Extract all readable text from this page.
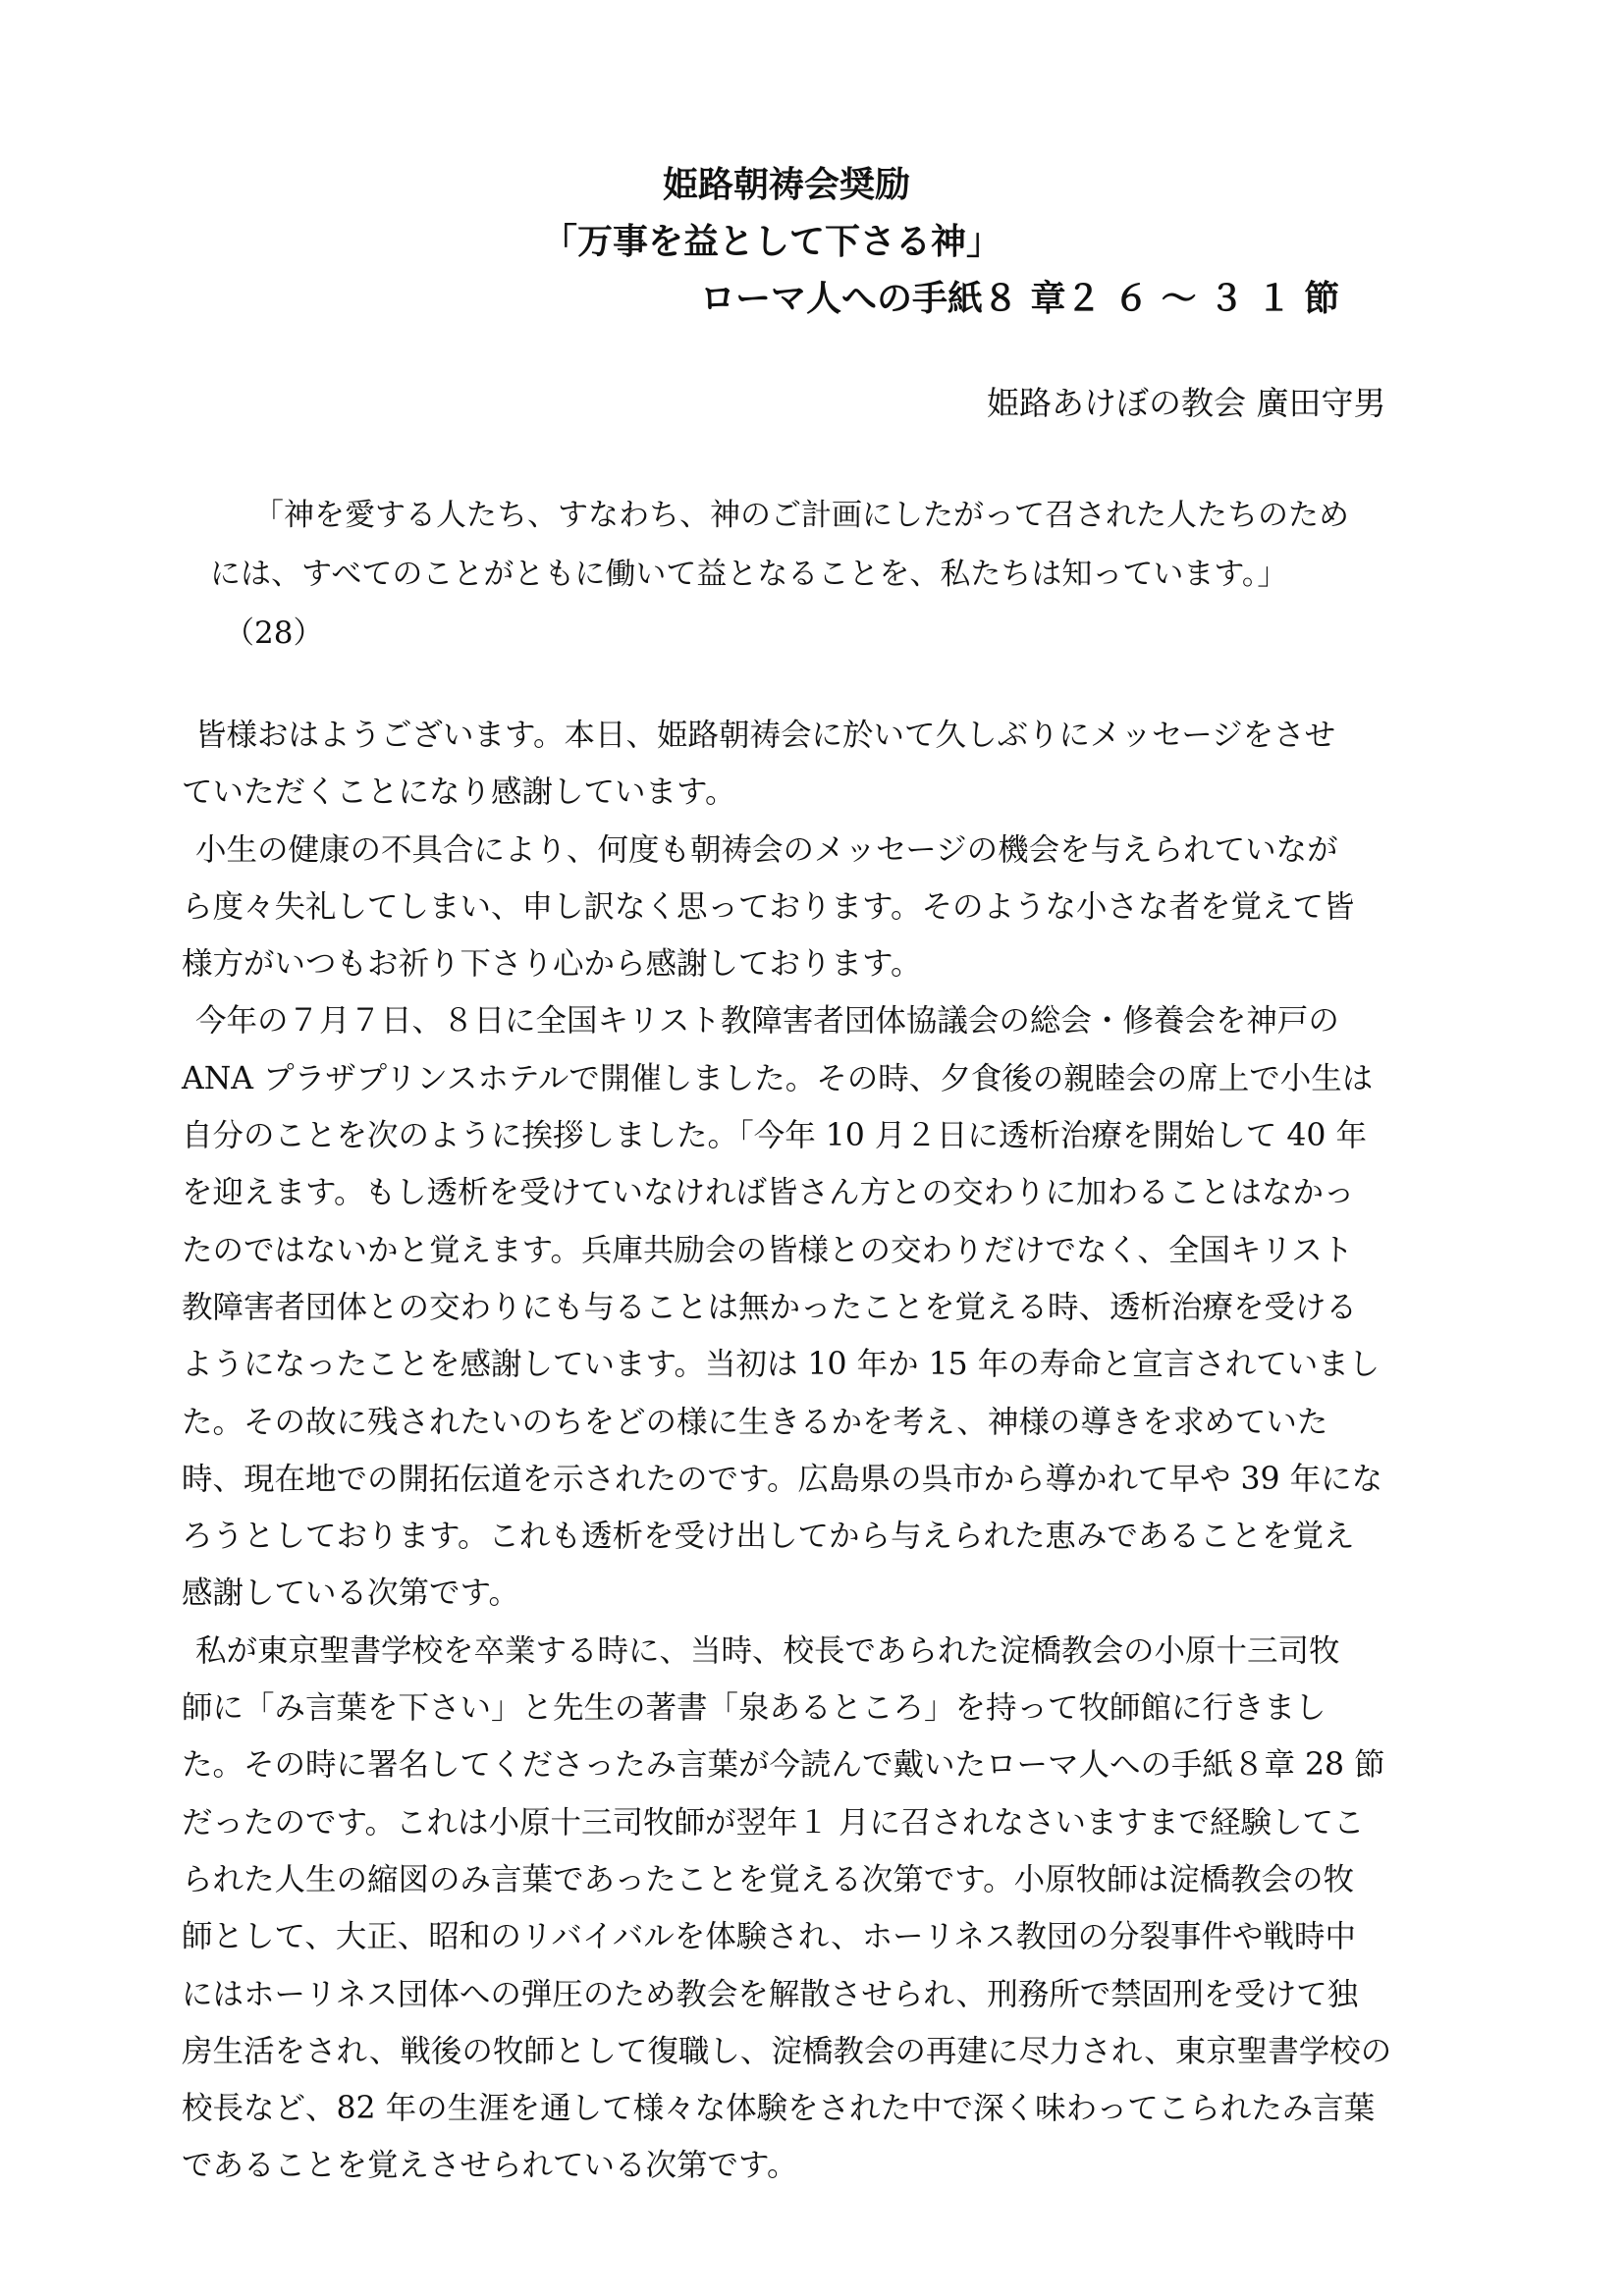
姫路朝祷会奨励
「万事を益として下さる神」
ローマ人への手紙８ 章２ ６ ～ ３ １ 節
姫路あけぼの教会 廣田守男
「神を愛する人たち、すなわち、神のご計画にしたがって召された人たちのため
には、すべてのことがともに働いて益となることを、私たちは知っています。」
（28）
皆様おはようございます。本日、姫路朝祷会に於いて久しぶりにメッセージをさせ
ていただくことになり感謝しています。
小生の健康の不具合により、何度も朝祷会のメッセージの機会を与えられていなが
ら度々失礼してしまい、申し訳なく思っております。そのような小さな者を覚えて皆
様方がいつもお祈り下さり心から感謝しております。
今年の７月７日、８日に全国キリスト教障害者団体協議会の総会・修養会を神戸の
ANA プラザプリンスホテルで開催しました。その時、夕食後の親睦会の席上で小生は
自分のことを次のように挨拶しました。「今年 10 月２日に透析治療を開始して 40 年
を迎えます。もし透析を受けていなければ皆さん方との交わりに加わることはなかっ
たのではないかと覚えます。兵庫共励会の皆様との交わりだけでなく、全国キリスト
教障害者団体との交わりにも与ることは無かったことを覚える時、透析治療を受ける
ようになったことを感謝しています。当初は 10 年か 15 年の寿命と宣言されていまし
た。その故に残されたいのちをどの様に生きるかを考え、神様の導きを求めていた
時、現在地での開拓伝道を示されたのです。広島県の呉市から導かれて早や 39 年にな
ろうとしております。これも透析を受け出してから与えられた恵みであることを覚え
感謝している次第です。
私が東京聖書学校を卒業する時に、当時、校長であられた淀橋教会の小原十三司牧
師に「み言葉を下さい」と先生の著書「泉あるところ」を持って牧師館に行きまし
た。その時に署名してくださったみ言葉が今読んで戴いたローマ人への手紙８章 28 節
だったのです。これは小原十三司牧師が翌年１ 月に召されなさいますまで経験してこ
られた人生の縮図のみ言葉であったことを覚える次第です。小原牧師は淀橋教会の牧
師として、大正、昭和のリバイバルを体験され、ホーリネス教団の分裂事件や戦時中
にはホーリネス団体への弾圧のため教会を解散させられ、刑務所で禁固刑を受けて独
房生活をされ、戦後の牧師として復職し、淀橋教会の再建に尽力され、東京聖書学校の
校長など、82 年の生涯を通して様々な体験をされた中で深く味わってこられたみ言葉
であることを覚えさせられている次第です。
